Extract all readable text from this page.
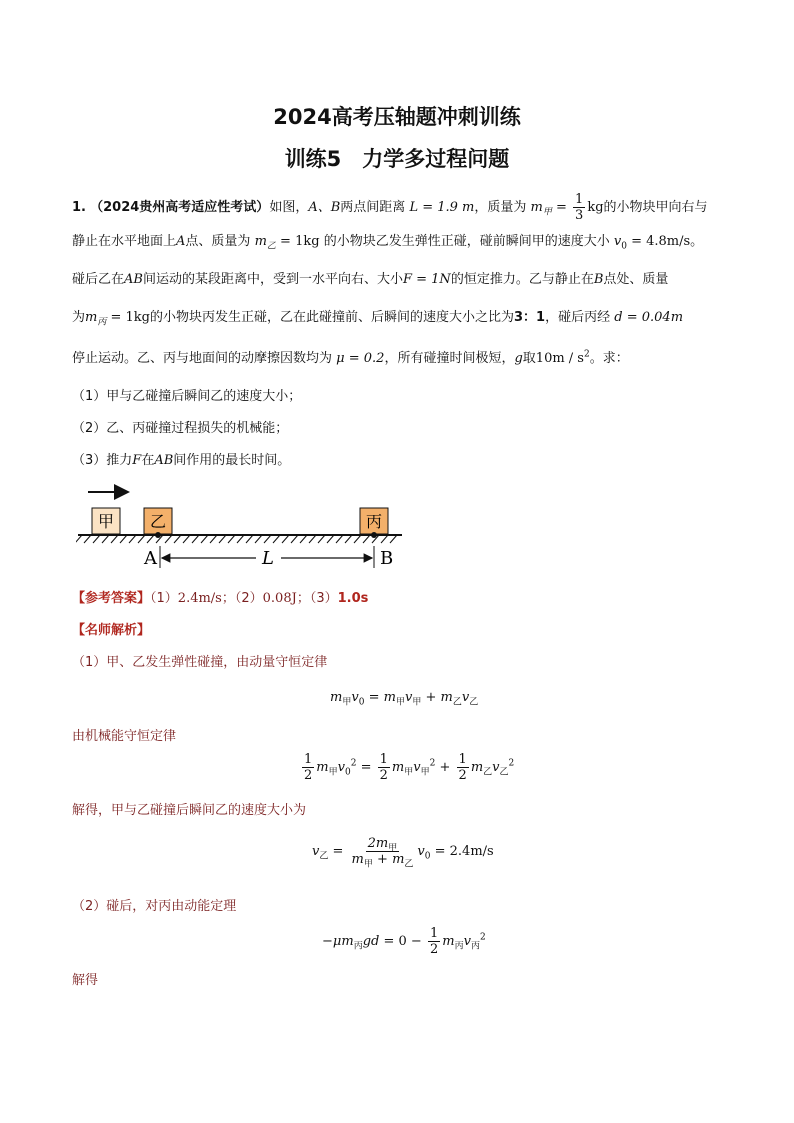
2024高考压轴题冲刺训练
训练5　力学多过程问题
1. （2024贵州高考适应性考试）如图，A、B两点间距离 L = 1.9 m，质量为 $m_甲 = \frac{1}{3}$ kg的小物块甲向右与
静止在水平地面上A点、质量为 $m_乙 = 1kg$ 的小物块乙发生弹性正碰，碰前瞬间甲的速度大小 $v_0 = 4.8m/s$。
碰后乙在AB间运动的某段距离中，受到一水平向右、大小F = 1N的恒定推力。乙与静止在B点处、质量
为$m_丙 = 1kg$的小物块丙发生正碰，乙在此碰撞前、后瞬间的速度大小之比为3：1，碰后丙经 d = 0.04m
停止运动。乙、丙与地面间的动摩擦因数均为 μ = 0.2，所有碰撞时间极短，g取$10m / s^2$。求：
（1）甲与乙碰撞后瞬间乙的速度大小；
（2）乙、丙碰撞过程损失的机械能；
（3）推力F在AB间作用的最长时间。
甲 乙	丙
A	B
L
【参考答案】（1）2.4m/s；（2）0.08J；（3）1.0s
【名师解析】
（1）甲、乙发生弹性碰撞，由动量守恒定律
$m_甲v_0 = m_甲v_甲 + m_乙v_乙$
由机械能守恒定律
$\frac{1}{2} m_甲v_0^2 = \frac{1}{2} m_甲v_甲^2 + \frac{1}{2} m_乙v_乙^2$
解得，甲与乙碰撞后瞬间乙的速度大小为
$v_乙 = \frac{2m_甲}{m_甲 + m_乙} v_0 = 2.4m/s$
（2）碰后，对丙由动能定理
$-\mu m_丙gd = 0 - \frac{1}{2} m_丙v_丙^2$
解得
